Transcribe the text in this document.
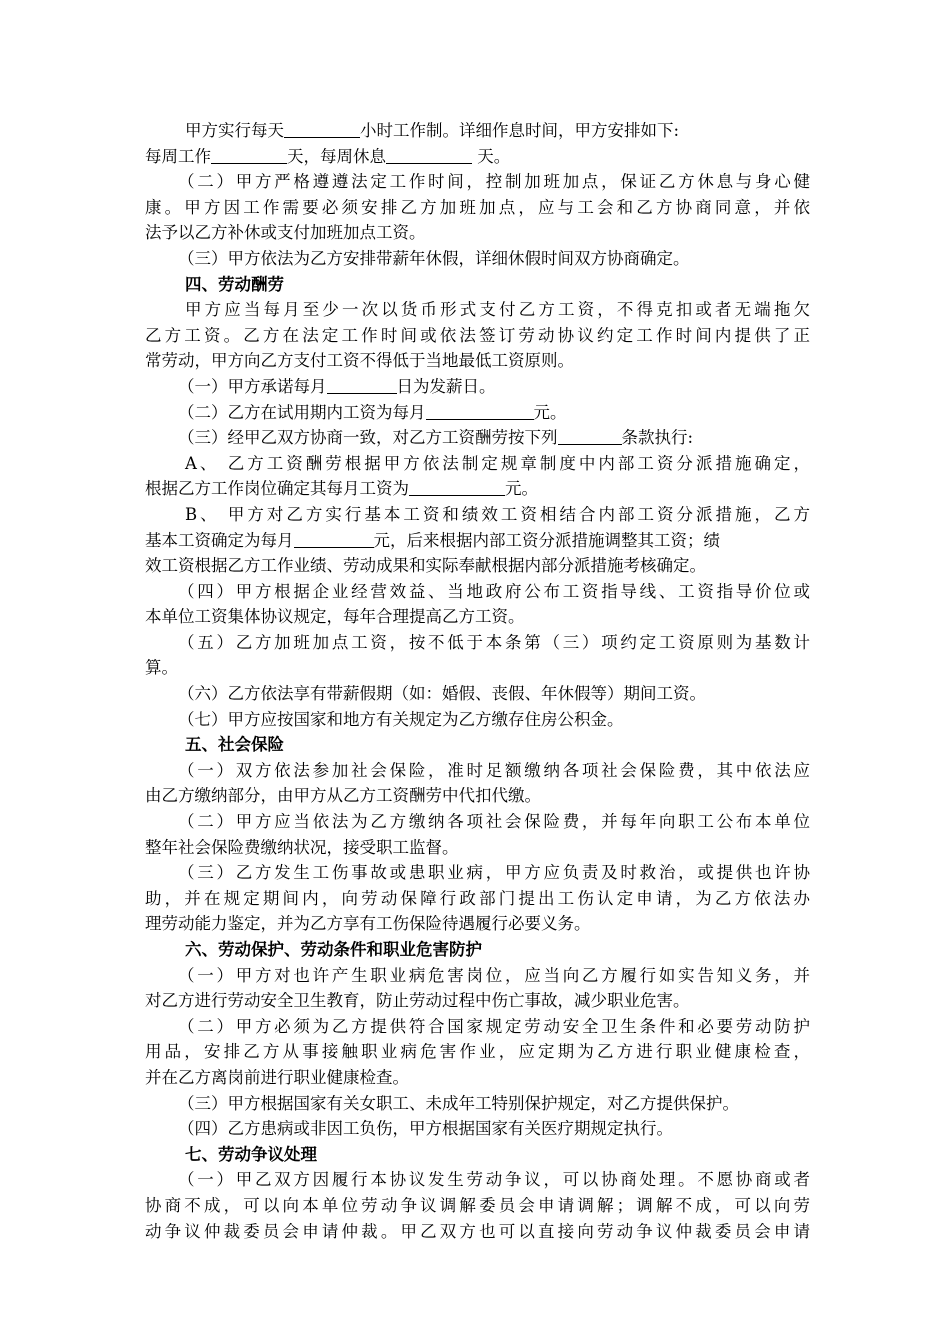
甲方实行每天	小时工作制。详细作息时间，甲方安排如下:
每周工作	天，每周休息	天。
（二）甲方严格遵遵法定工作时间，控制加班加点，保证乙方休息与身心健
康。甲方因工作需要必须安排乙方加班加点，应与工会和乙方协商同意，并依
法予以乙方补休或支付加班加点工资。
（三）甲方依法为乙方安排带薪年休假，详细休假时间双方协商确定。
四、劳动酬劳
甲方应当每月至少一次以货币形式支付乙方工资，不得克扣或者无端拖欠
乙方工资。乙方在法定工作时间或依法签订劳动协议约定工作时间内提供了正
常劳动，甲方向乙方支付工资不得低于当地最低工资原则。
（一）甲方承诺每月	日为发薪日。
（二）乙方在试用期内工资为每月	元。
（三）经甲乙双方协商一致，对乙方工资酬劳按下列	条款执行:
A、 乙方工资酬劳根据甲方依法制定规章制度中内部工资分派措施确定，
根据乙方工作岗位确定其每月工资为	元。
B、 甲方对乙方实行基本工资和绩效工资相结合内部工资分派措施，乙方
基本工资确定为每月	元，后来根据内部工资分派措施调整其工资；绩
效工资根据乙方工作业绩、劳动成果和实际奉献根据内部分派措施考核确定。
（四）甲方根据企业经营效益、当地政府公布工资指导线、工资指导价位或
本单位工资集体协议规定，每年合理提高乙方工资。
（五）乙方加班加点工资，按不低于本条第（三）项约定工资原则为基数计
算。
（六）乙方依法享有带薪假期（如：婚假、丧假、年休假等）期间工资。
（七）甲方应按国家和地方有关规定为乙方缴存住房公积金。
五、社会保险
（一）双方依法参加社会保险，准时足额缴纳各项社会保险费，其中依法应
由乙方缴纳部分，由甲方从乙方工资酬劳中代扣代缴。
（二）甲方应当依法为乙方缴纳各项社会保险费，并每年向职工公布本单位
整年社会保险费缴纳状况，接受职工监督。
（三）乙方发生工伤事故或患职业病，甲方应负责及时救治，或提供也许协
助，并在规定期间内，向劳动保障行政部门提出工伤认定申请，为乙方依法办
理劳动能力鉴定，并为乙方享有工伤保险待遇履行必要义务。
六、劳动保护、劳动条件和职业危害防护
（一）甲方对也许产生职业病危害岗位，应当向乙方履行如实告知义务，并
对乙方进行劳动安全卫生教育，防止劳动过程中伤亡事故，减少职业危害。
（二）甲方必须为乙方提供符合国家规定劳动安全卫生条件和必要劳动防护
用品，安排乙方从事接触职业病危害作业，应定期为乙方进行职业健康检查，
并在乙方离岗前进行职业健康检查。
（三）甲方根据国家有关女职工、未成年工特别保护规定，对乙方提供保护。
（四）乙方患病或非因工负伤，甲方根据国家有关医疗期规定执行。
七、劳动争议处理
（一）甲乙双方因履行本协议发生劳动争议，可以协商处理。不愿协商或者
协商不成，可以向本单位劳动争议调解委员会申请调解；调解不成，可以向劳
动争议仲裁委员会申请仲裁。甲乙双方也可以直接向劳动争议仲裁委员会申请
